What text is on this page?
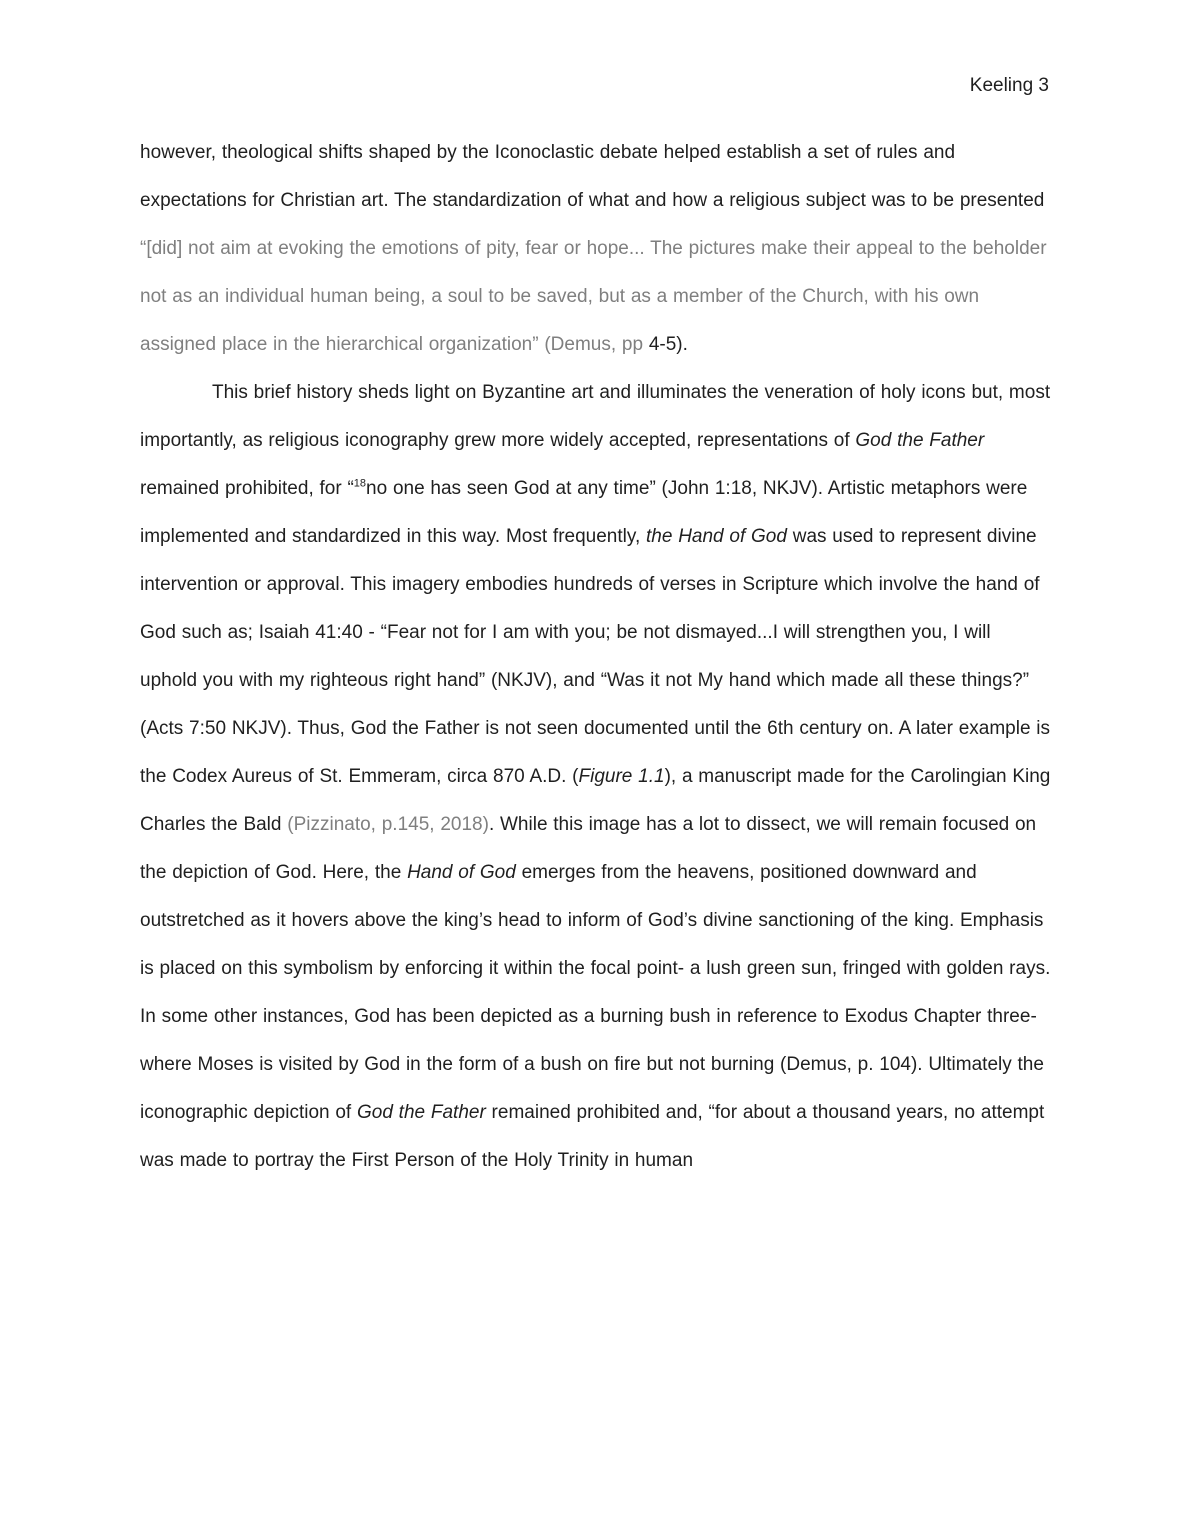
Keeling 3

however, theological shifts shaped by the Iconoclastic debate helped establish a set of rules and expectations for Christian art. The standardization of what and how a religious subject was to be presented “[did] not aim at evoking the emotions of pity, fear or hope... The pictures make their appeal to the beholder not as an individual human being, a soul to be saved, but as a member of the Church, with his own assigned place in the hierarchical organization” (Demus, pp 4-5).

This brief history sheds light on Byzantine art and illuminates the veneration of holy icons but, most importantly, as religious iconography grew more widely accepted, representations of God the Father remained prohibited, for “$^{18}$no one has seen God at any time” (John 1:18, NKJV). Artistic metaphors were implemented and standardized in this way. Most frequently, the Hand of God was used to represent divine intervention or approval. This imagery embodies hundreds of verses in Scripture which involve the hand of God such as; Isaiah 41:40 - “Fear not for I am with you; be not dismayed...I will strengthen you, I will uphold you with my righteous right hand” (NKJV), and “Was it not My hand which made all these things?” (Acts 7:50 NKJV). Thus, God the Father is not seen documented until the 6th century on. A later example is the Codex Aureus of St. Emmeram, circa 870 A.D. (Figure 1.1), a manuscript made for the Carolingian King Charles the Bald (Pizzinato, p.145, 2018). While this image has a lot to dissect, we will remain focused on the depiction of God. Here, the Hand of God emerges from the heavens, positioned downward and outstretched as it hovers above the king’s head to inform of God’s divine sanctioning of the king. Emphasis is placed on this symbolism by enforcing it within the focal point- a lush green sun, fringed with golden rays. In some other instances, God has been depicted as a burning bush in reference to Exodus Chapter three- where Moses is visited by God in the form of a bush on fire but not burning (Demus, p. 104). Ultimately the iconographic depiction of God the Father remained prohibited and, “for about a thousand years, no attempt was made to portray the First Person of the Holy Trinity in human
